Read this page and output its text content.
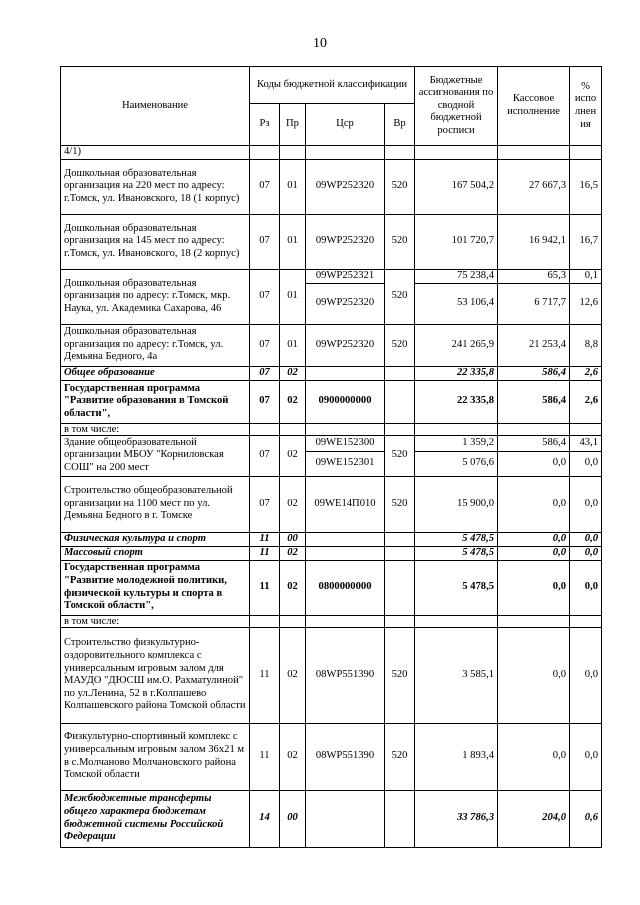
10
Наименование	Коды бюджетной классификации				Бюджетные ассигнования по сводной бюджетной росписи	Кассовое исполнение	% испо лнен ия
	Рз	Пр	Цср	Вр			
4/1)							
Дошкольная образовательная организация на 220 мест по адресу: г.Томск, ул. Ивановского, 18 (1 корпус)	07	01	09WP252320	520	167 504,2	27 667,3	16,5
Дошкольная образовательная организация на 145 мест по адресу: г.Томск, ул. Ивановского, 18 (2 корпус)	07	01	09WP252320	520	101 720,7	16 942,1	16,7
Дошкольная образовательная организация по адресу: г.Томск, мкр. Наука, ул. Академика Сахарова, 46	07	01	09WP252321	520	75 238,4	65,3	0,1
			09WP252320		53 106,4	6 717,7	12,6
Дошкольная образовательная организация по адресу: г.Томск, ул. Демьяна Бедного, 4а	07	01	09WP252320	520	241 265,9	21 253,4	8,8
Общее образование	07	02			22 335,8	586,4	2,6
Государственная программа "Развитие образования в Томской области",	07	02	0900000000		22 335,8	586,4	2,6
в том числе:							
Здание общеобразовательной организации МБОУ "Корниловская СОШ" на 200 мест	07	02	09WE152300	520	1 359,2	586,4	43,1
			09WE152301		5 076,6	0,0	0,0
Строительство общеобразовательной организации на 1100 мест по ул. Демьяна Бедного в г. Томске	07	02	09WE14П010	520	15 900,0	0,0	0,0
Физическая культура и спорт	11	00			5 478,5	0,0	0,0
Массовый спорт	11	02			5 478,5	0,0	0,0
Государственная программа "Развитие молодежной политики, физической культуры и спорта в Томской области",	11	02	0800000000		5 478,5	0,0	0,0
в том числе:							
Строительство физкультурно-оздоровительного комплекса с универсальным игровым залом для МАУДО "ДЮСШ им.О. Рахматулиной" по ул.Ленина, 52 в г.Колпашево Колпашевского района Томской области	11	02	08WP551390	520	3 585,1	0,0	0,0
Физкультурно-спортивный комплекс с универсальным игровым залом 36х21 м в с.Молчаново Молчановского района Томской области	11	02	08WP551390	520	1 893,4	0,0	0,0
Межбюджетные трансферты общего характера бюджетам бюджетной системы Российской Федерации	14	00			33 786,3	204,0	0,6
